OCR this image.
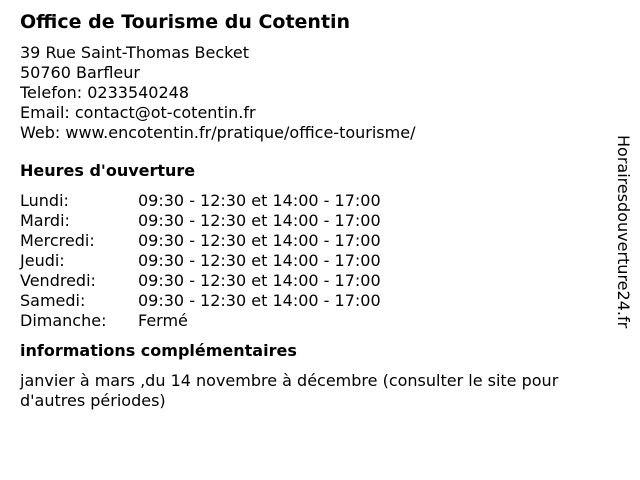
Office de Tourisme du Cotentin
39 Rue Saint-Thomas Becket
50760 Barfleur
Telefon: 0233540248
Email: contact@ot-cotentin.fr
Web: www.encotentin.fr/pratique/office-tourisme/
Heures d'ouverture
Lundi:	09:30 - 12:30 et 14:00 - 17:00
Mardi:	09:30 - 12:30 et 14:00 - 17:00
Mercredi:	09:30 - 12:30 et 14:00 - 17:00
Jeudi:	09:30 - 12:30 et 14:00 - 17:00
Vendredi:	09:30 - 12:30 et 14:00 - 17:00
Samedi:	09:30 - 12:30 et 14:00 - 17:00
Dimanche:	Fermé
informations complémentaires
janvier à mars ,du 14 novembre à décembre (consulter le site pour d'autres périodes)
Horairesdouverture24.fr
